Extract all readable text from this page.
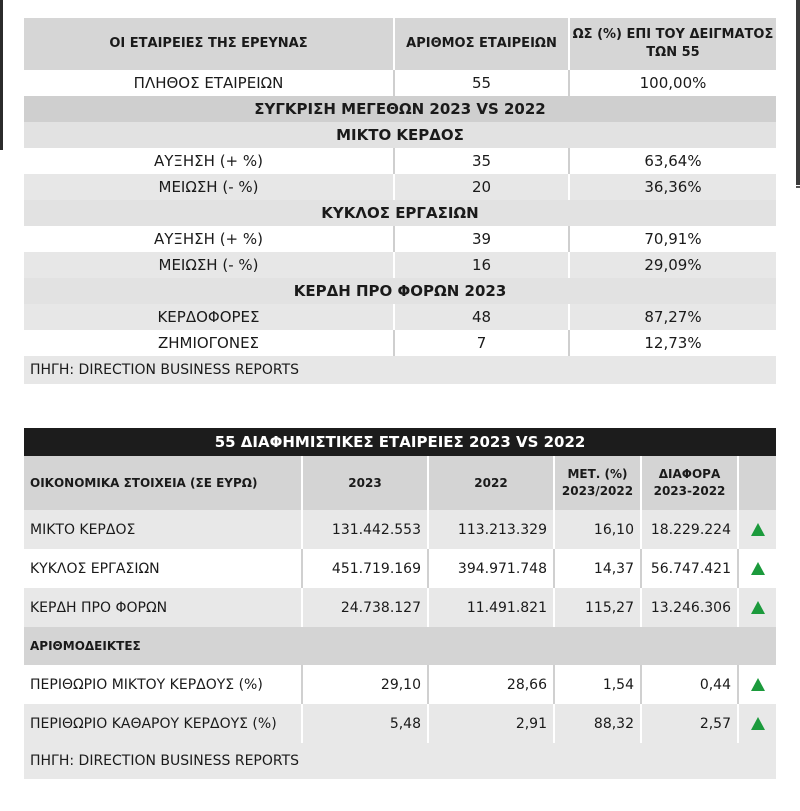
ΟΙ ΕΤΑΙΡΕΙΕΣ ΤΗΣ ΕΡΕΥΝΑΣ	ΑΡΙΘΜΟΣ ΕΤΑΙΡΕΙΩΝ	ΩΣ (%) ΕΠΙ ΤΟΥ ΔΕΙΓΜΑΤΟΣ ΤΩΝ 55
ΠΛΗΘΟΣ ΕΤΑΙΡΕΙΩΝ	55	100,00%
ΣΥΓΚΡΙΣΗ ΜΕΓΕΘΩΝ 2023 VS 2022		
ΜΙΚΤΟ ΚΕΡΔΟΣ		
ΑΥΞΗΣΗ (+ %)	35	63,64%
ΜΕΙΩΣΗ (- %)	20	36,36%
ΚΥΚΛΟΣ ΕΡΓΑΣΙΩΝ		
ΑΥΞΗΣΗ (+ %)	39	70,91%
ΜΕΙΩΣΗ (- %)	16	29,09%
ΚΕΡΔΗ ΠΡΟ ΦΟΡΩΝ 2023		
ΚΕΡΔΟΦΟΡΕΣ	48	87,27%
ΖΗΜΙΟΓΟΝΕΣ	7	12,73%
ΠΗΓΗ: DIRECTION BUSINESS REPORTS		
55 ΔΙΑΦΗΜΙΣΤΙΚΕΣ ΕΤΑΙΡΕΙΕΣ 2023 VS 2022					
ΟΙΚΟΝΟΜΙΚΑ ΣΤΟΙΧΕΙΑ (ΣΕ ΕΥΡΩ)	2023	2022	ΜΕΤ. (%) 2023/2022	ΔΙΑΦΟΡΑ 2023-2022	
ΜΙΚΤΟ ΚΕΡΔΟΣ	131.442.553	113.213.329	16,10	18.229.224	
ΚΥΚΛΟΣ ΕΡΓΑΣΙΩΝ	451.719.169	394.971.748	14,37	56.747.421	
ΚΕΡΔΗ ΠΡΟ ΦΟΡΩΝ	24.738.127	11.491.821	115,27	13.246.306	
ΑΡΙΘΜΟΔΕΙΚΤΕΣ					
ΠΕΡΙΘΩΡΙΟ ΜΙΚΤΟΥ ΚΕΡΔΟΥΣ (%)	29,10	28,66	1,54	0,44	
ΠΕΡΙΘΩΡΙΟ ΚΑΘΑΡΟΥ ΚΕΡΔΟΥΣ (%)	5,48	2,91	88,32	2,57	
ΠΗΓΗ: DIRECTION BUSINESS REPORTS					
